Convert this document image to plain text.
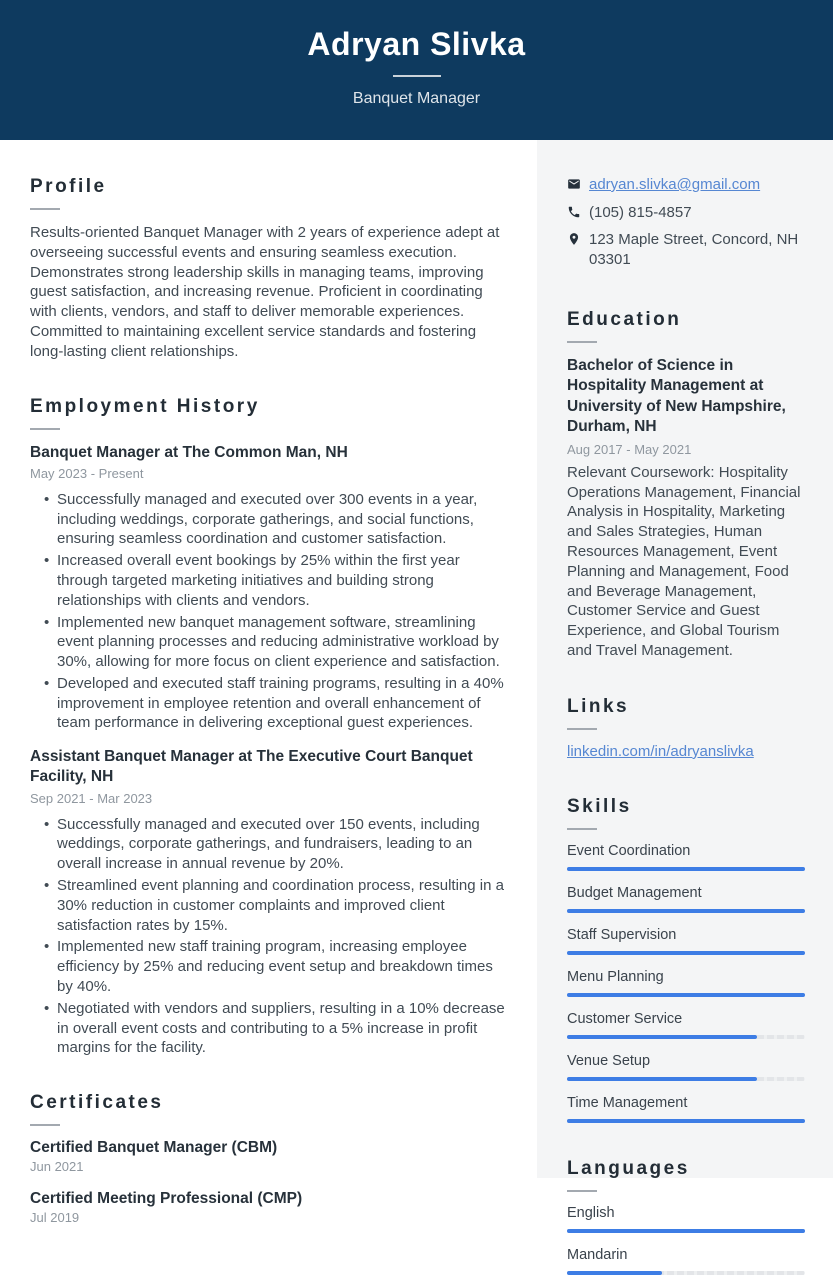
Adryan Slivka
Banquet Manager
Profile
Results-oriented Banquet Manager with 2 years of experience adept at overseeing successful events and ensuring seamless execution. Demonstrates strong leadership skills in managing teams, improving guest satisfaction, and increasing revenue. Proficient in coordinating with clients, vendors, and staff to deliver memorable experiences. Committed to maintaining excellent service standards and fostering long-lasting client relationships.
Employment History
Banquet Manager at The Common Man, NH
May 2023 - Present
• Successfully managed and executed over 300 events in a year, including weddings, corporate gatherings, and social functions, ensuring seamless coordination and customer satisfaction.
• Increased overall event bookings by 25% within the first year through targeted marketing initiatives and building strong relationships with clients and vendors.
• Implemented new banquet management software, streamlining event planning processes and reducing administrative workload by 30%, allowing for more focus on client experience and satisfaction.
• Developed and executed staff training programs, resulting in a 40% improvement in employee retention and overall enhancement of team performance in delivering exceptional guest experiences.
Assistant Banquet Manager at The Executive Court Banquet Facility, NH
Sep 2021 - Mar 2023
• Successfully managed and executed over 150 events, including weddings, corporate gatherings, and fundraisers, leading to an overall increase in annual revenue by 20%.
• Streamlined event planning and coordination process, resulting in a 30% reduction in customer complaints and improved client satisfaction rates by 15%.
• Implemented new staff training program, increasing employee efficiency by 25% and reducing event setup and breakdown times by 40%.
• Negotiated with vendors and suppliers, resulting in a 10% decrease in overall event costs and contributing to a 5% increase in profit margins for the facility.
Certificates
Certified Banquet Manager (CBM)
Jun 2021
Certified Meeting Professional (CMP)
Jul 2019
adryan.slivka@gmail.com
(105) 815-4857
123 Maple Street, Concord, NH 03301
Education
Bachelor of Science in Hospitality Management at University of New Hampshire, Durham, NH
Aug 2017 - May 2021
Relevant Coursework: Hospitality Operations Management, Financial Analysis in Hospitality, Marketing and Sales Strategies, Human Resources Management, Event Planning and Management, Food and Beverage Management, Customer Service and Guest Experience, and Global Tourism and Travel Management.
Links
linkedin.com/in/adryanslivka
Skills
Event Coordination
Budget Management
Staff Supervision
Menu Planning
Customer Service
Venue Setup
Time Management
Languages
English
Mandarin
